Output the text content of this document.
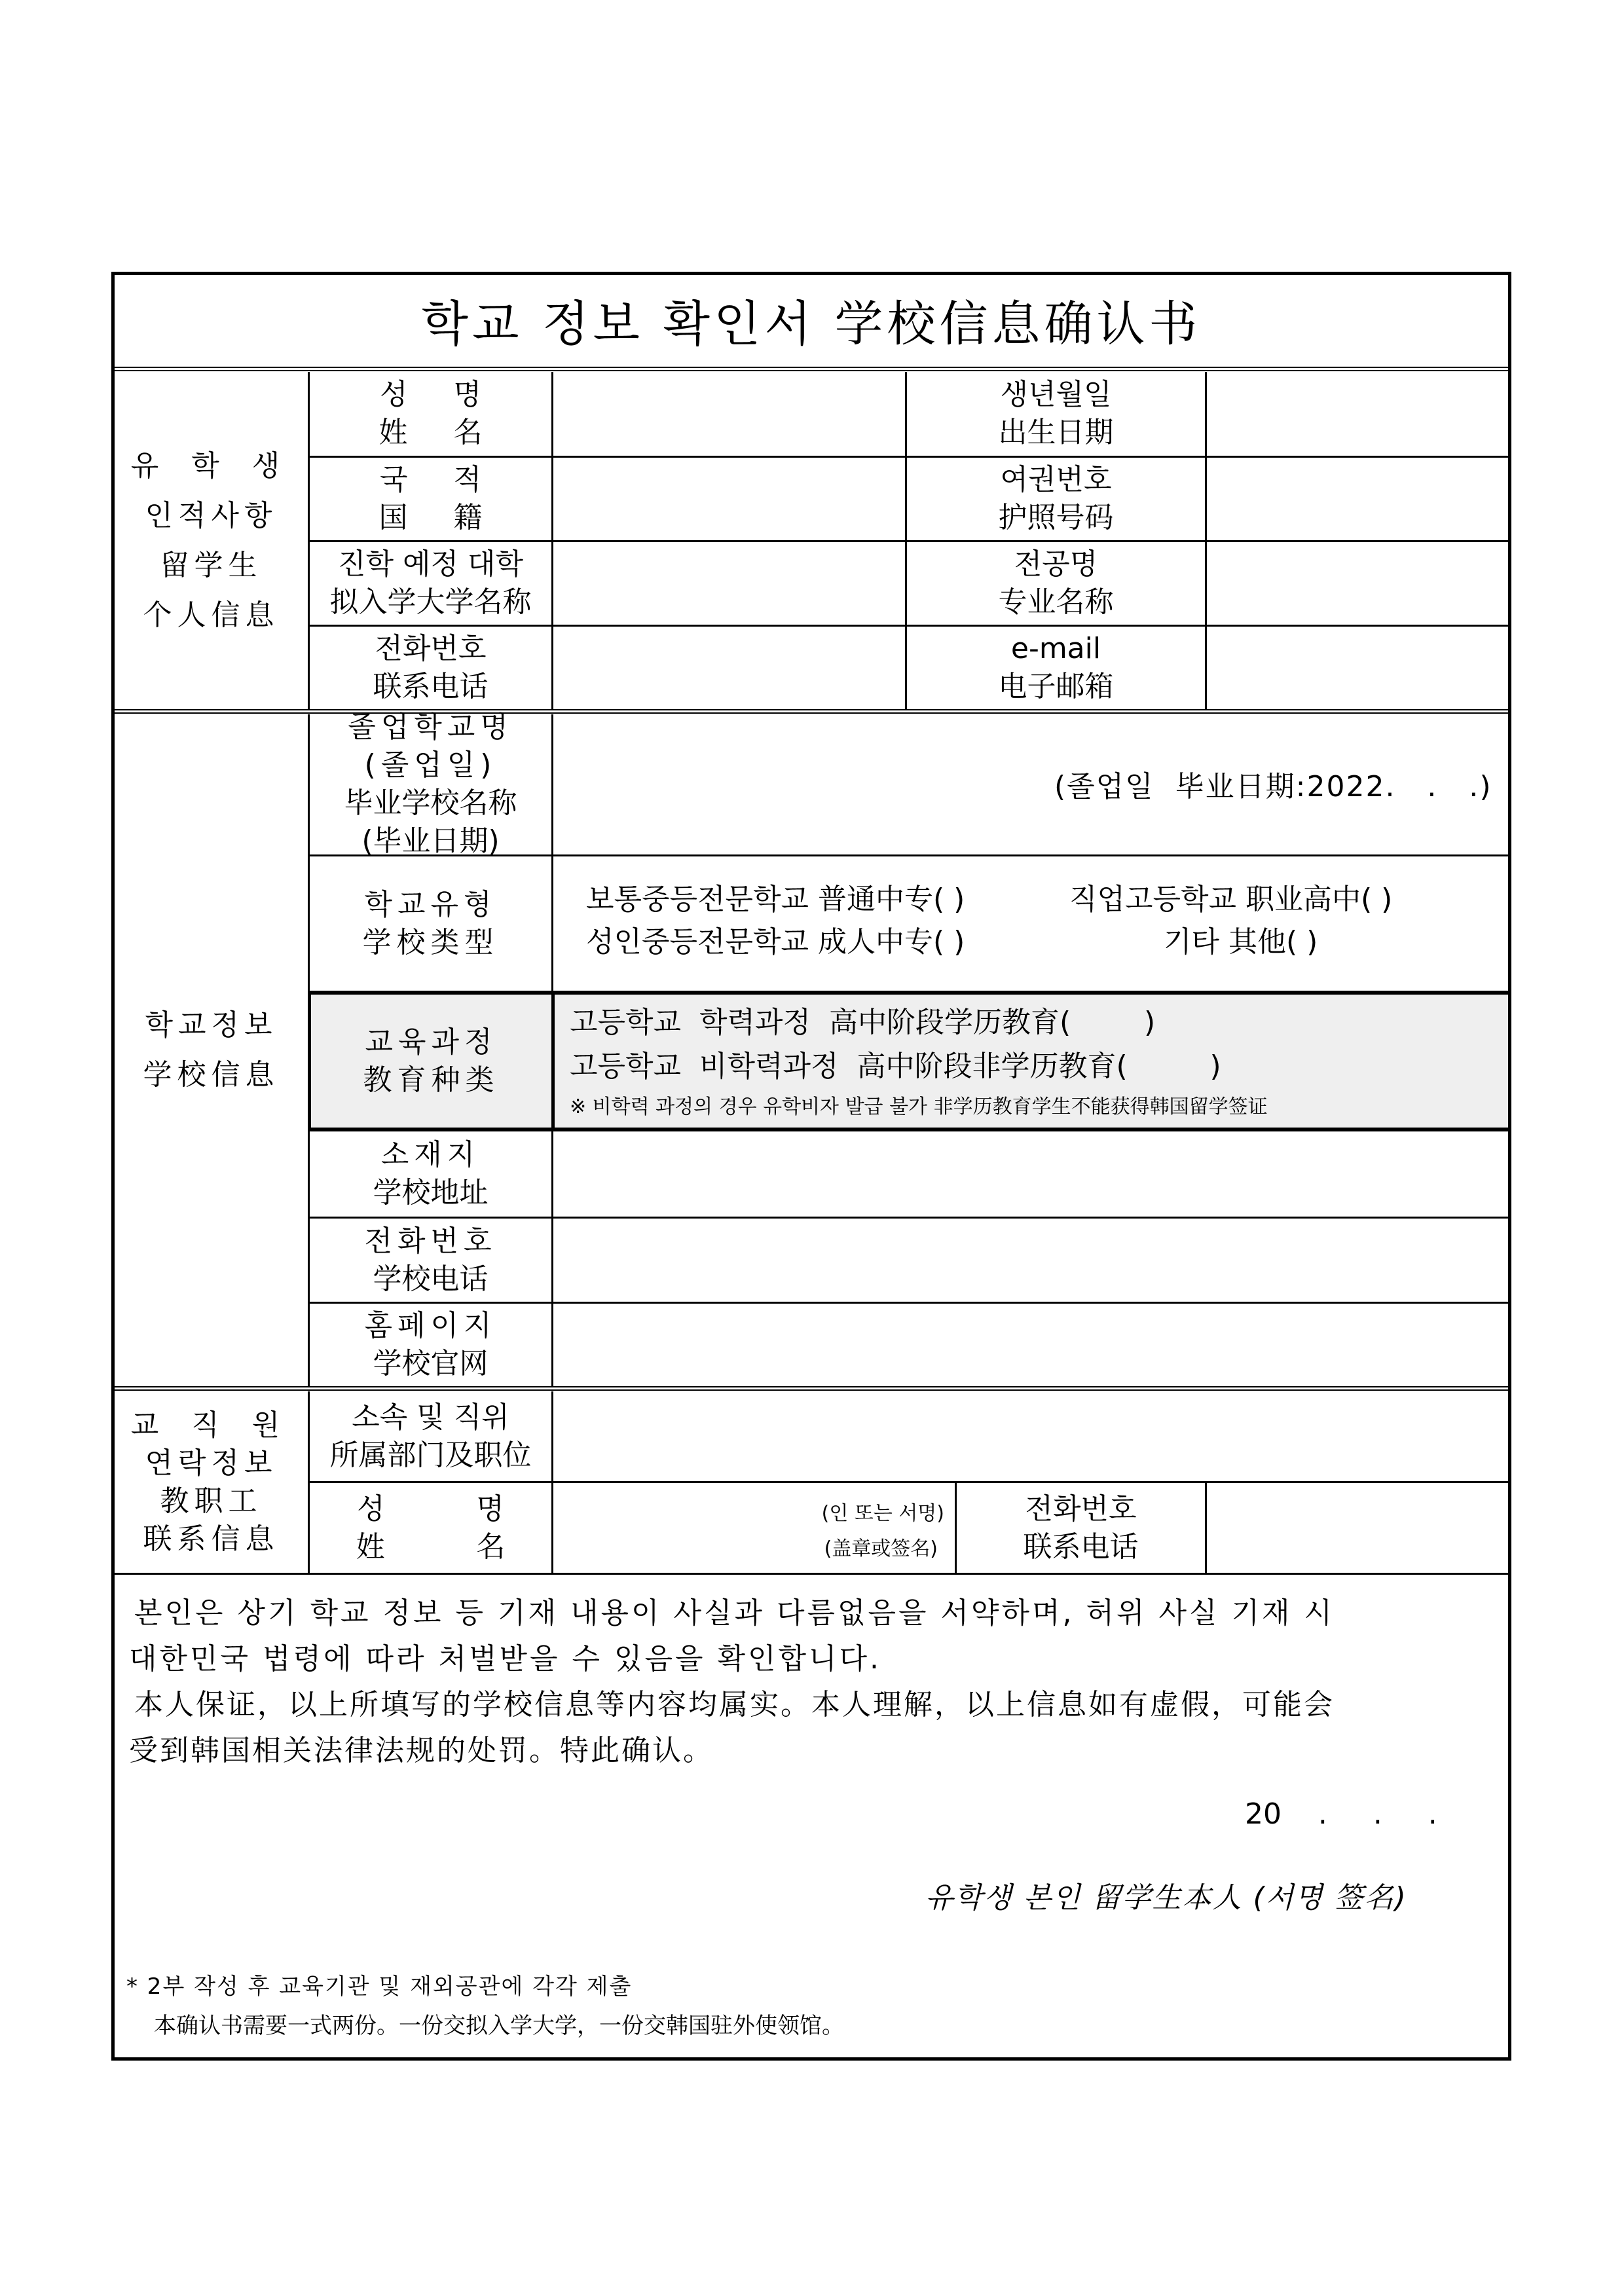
학교 정보 확인서 学校信息确认书
유 학 생
인적사항
留学生
个人信息
성     명
姓     名
생년월일
出生日期
국     적
国     籍
여권번호
护照号码
진학 예정 대학
拟入学大学名称
전공명
专业名称
전화번호
联系电话
e-mail
电子邮箱
학교정보
学校信息
졸업학교명
(졸업일)
毕业学校名称
(毕业日期)
(졸업일  毕业日期:2022.   .   .)
학교유형
学校类型
보통중등전문학교 普通中专( )	직업고등학교 职业高中( )
성인중등전문학교 成人中专( )	기타 其他( )
교육과정
教育种类
고등학교  학력과정  高中阶段学历教育(        )
고등학교  비학력과정  高中阶段非学历教育(         )
※ 비학력 과정의 경우 유학비자 발급 불가 非学历教育学生不能获得韩国留学签证
소재지
学校地址
전화번호
学校电话
홈페이지
学校官网
교 직 원
연락정보
教职工
联系信息
소속 및 직위
所属部门及职位
성          명
姓          名
(인 또는 서명)
(盖章或签名)
전화번호
联系电话
본인은 상기 학교 정보 등 기재 내용이 사실과 다름없음을 서약하며, 허위 사실 기재 시
대한민국 법령에 따라 처벌받을 수 있음을 확인합니다.
本人保证，以上所填写的学校信息等内容均属实。本人理解，以上信息如有虚假，可能会
受到韩国相关法律法规的处罚。特此确认。
20    .     .     .
유학생 본인 留学生本人 (서명 签名)
* 2부 작성 후 교육기관 및 재외공관에 각각 제출
本确认书需要一式两份。一份交拟入学大学，一份交韩国驻外使领馆。
